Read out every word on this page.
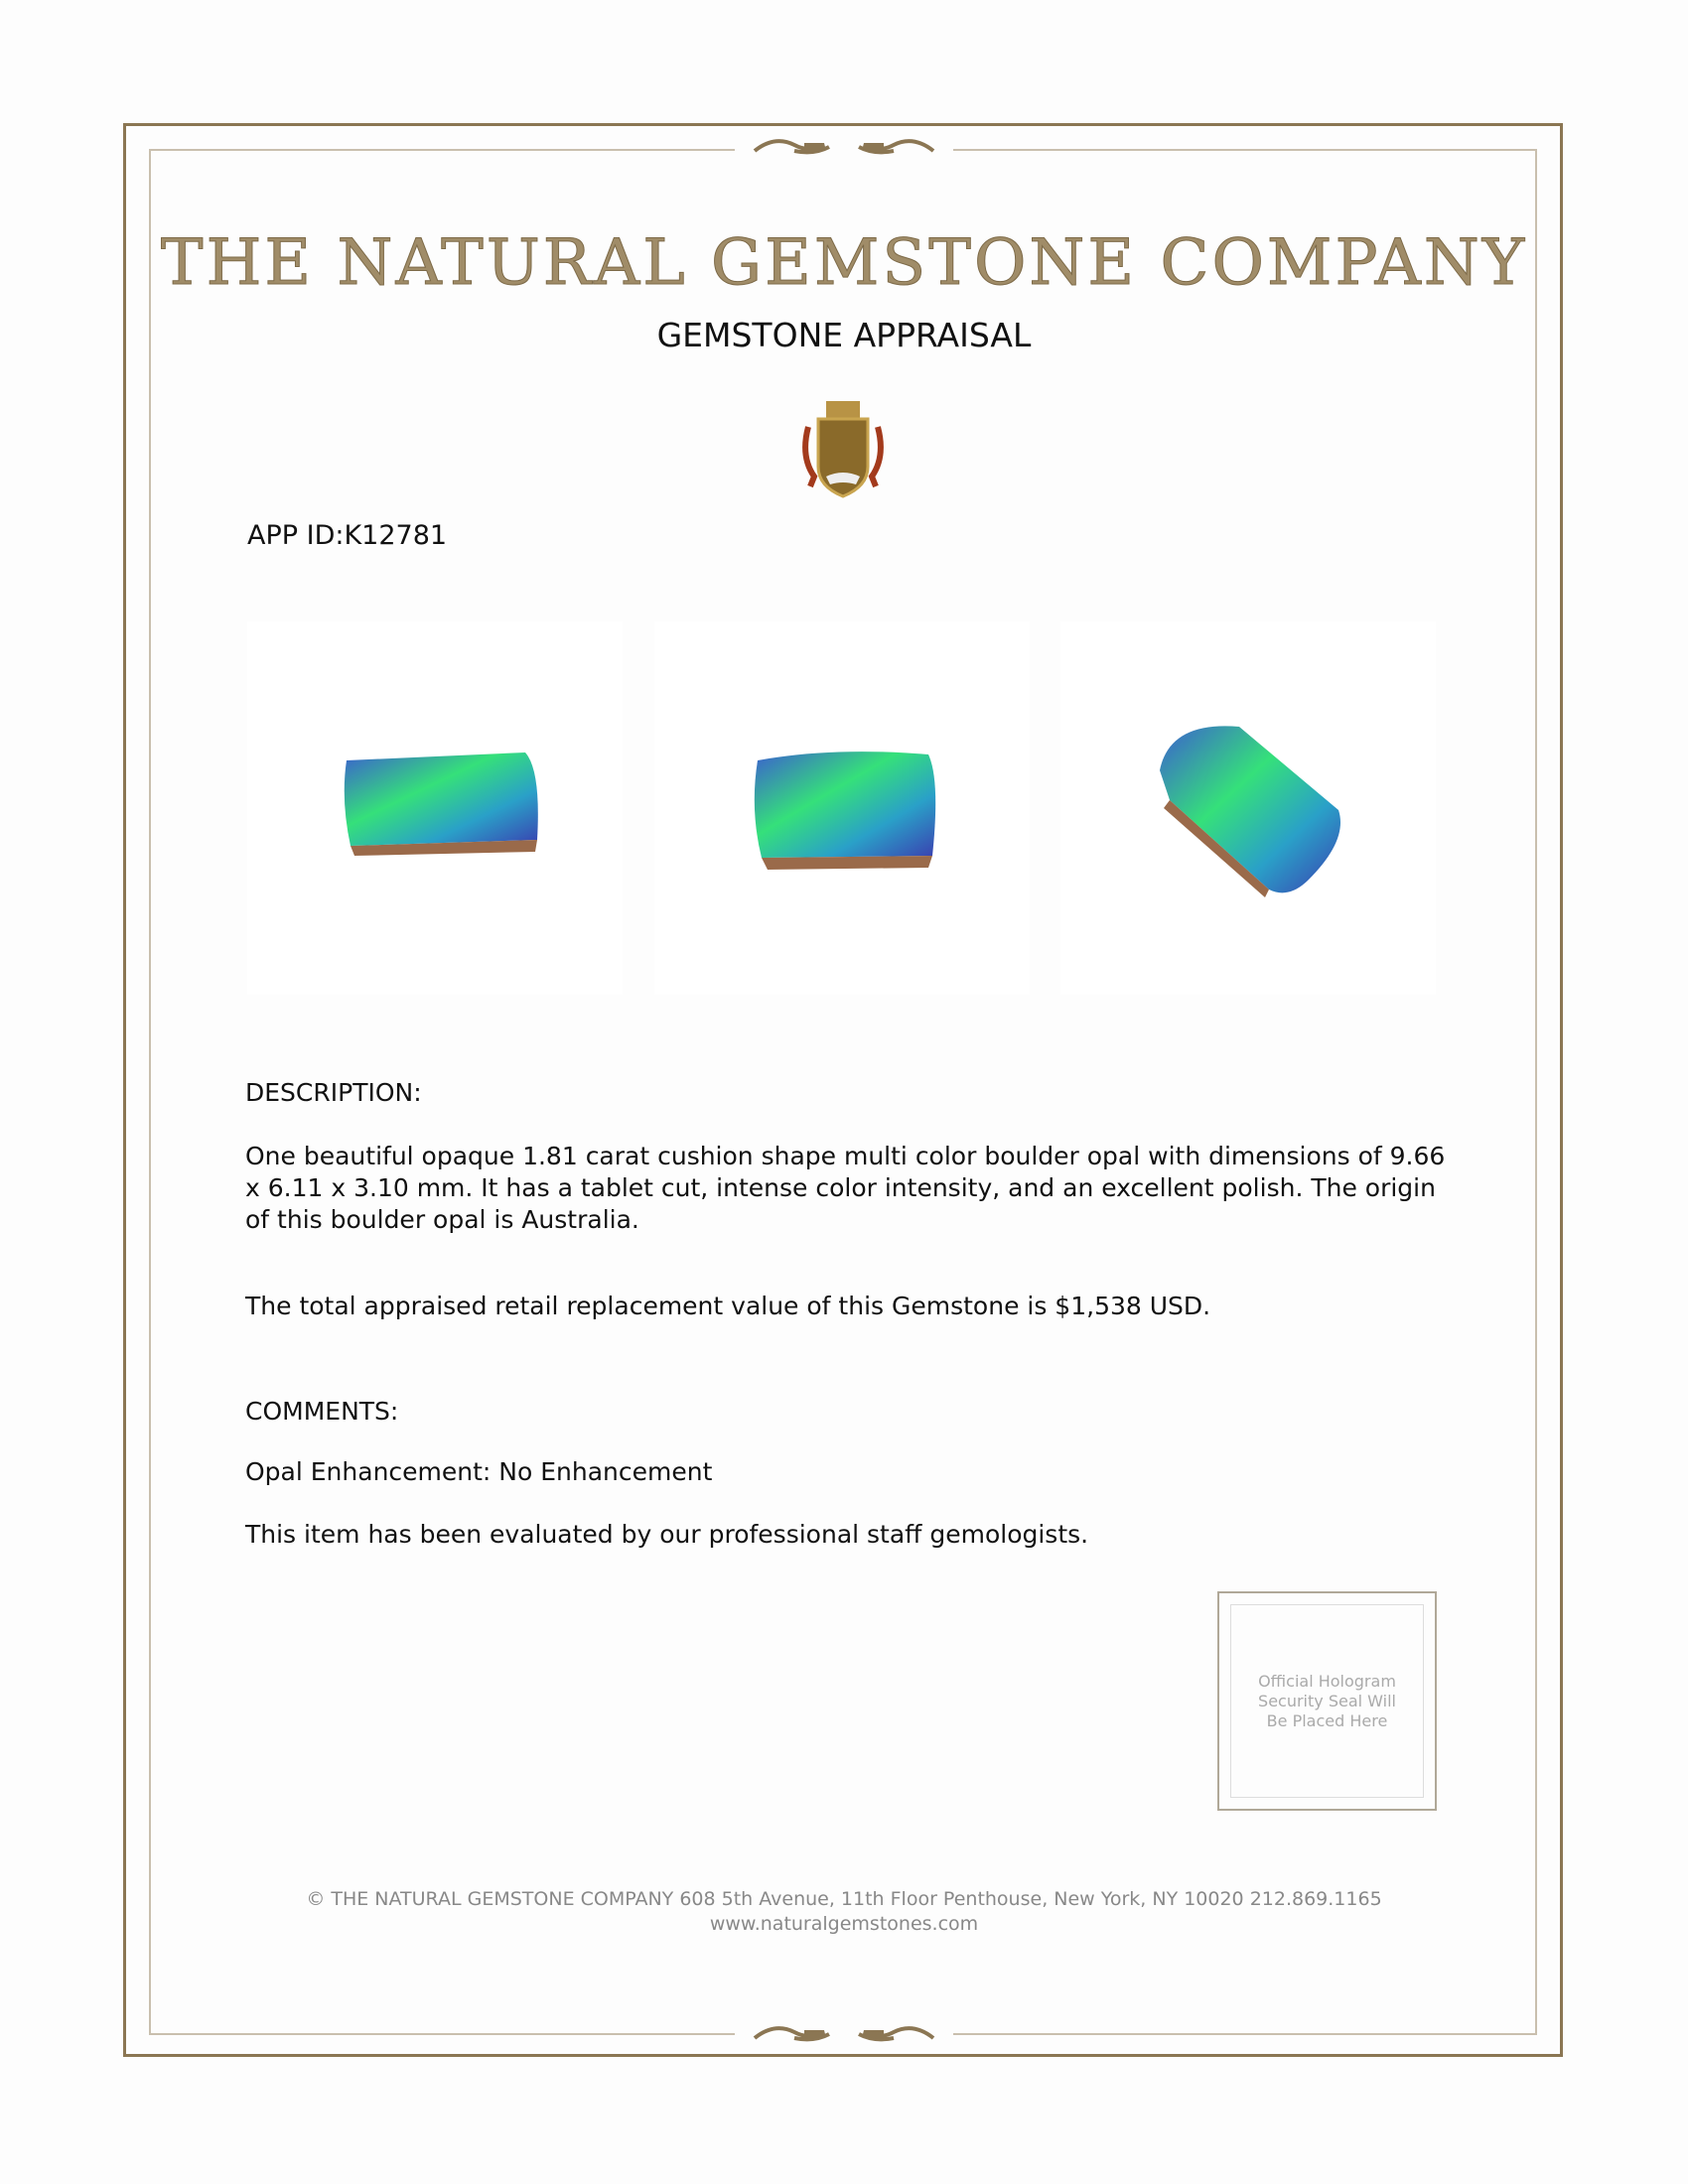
THE NATURAL GEMSTONE COMPANY
GEMSTONE APPRAISAL
APP ID:K12781
DESCRIPTION:
One beautiful opaque 1.81 carat cushion shape multi color boulder opal with dimensions of 9.66 x 6.11 x 3.10 mm. It has a tablet cut, intense color intensity, and an excellent polish. The origin of this boulder opal is Australia.
The total appraised retail replacement value of this Gemstone is $1,538 USD.
COMMENTS:
Opal Enhancement: No Enhancement
This item has been evaluated by our professional staff gemologists.
Official Hologram Security Seal Will Be Placed Here
© THE NATURAL GEMSTONE COMPANY 608 5th Avenue, 11th Floor Penthouse, New York, NY 10020 212.869.1165
www.naturalgemstones.com
